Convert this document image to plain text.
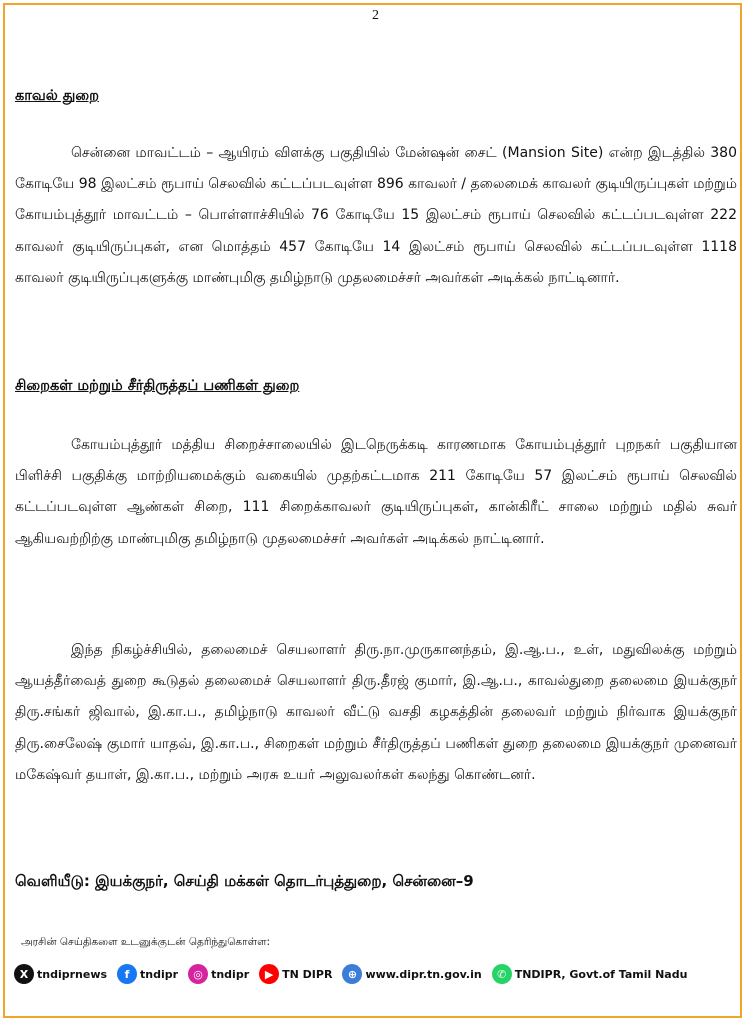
2
காவல் துறை

சென்னை மாவட்டம் – ஆயிரம் விளக்கு பகுதியில் மேன்ஷன் சைட் (Mansion Site) என்ற இடத்தில் 380 கோடியே 98 இலட்சம் ரூபாய் செலவில் கட்டப்படவுள்ள 896 காவலர் / தலைமைக் காவலர் குடியிருப்புகள் மற்றும் கோயம்புத்தூர் மாவட்டம் – பொள்ளாச்சியில் 76 கோடியே 15 இலட்சம் ரூபாய் செலவில் கட்டப்படவுள்ள 222 காவலர் குடியிருப்புகள், என மொத்தம் 457 கோடியே 14 இலட்சம் ரூபாய் செலவில் கட்டப்படவுள்ள 1118 காவலர் குடியிருப்புகளுக்கு மாண்புமிகு தமிழ்நாடு முதலமைச்சர் அவர்கள் அடிக்கல் நாட்டினார்.

சிறைகள் மற்றும் சீர்திருத்தப் பணிகள் துறை

கோயம்புத்தூர் மத்திய சிறைச்சாலையில் இடநெருக்கடி காரணமாக கோயம்புத்தூர் புறநகர் பகுதியான பிளிச்சி பகுதிக்கு மாற்றியமைக்கும் வகையில் முதற்கட்டமாக 211 கோடியே 57 இலட்சம் ரூபாய் செலவில் கட்டப்படவுள்ள ஆண்கள் சிறை, 111 சிறைக்காவலர் குடியிருப்புகள், கான்கிரீட் சாலை மற்றும் மதில் சுவர் ஆகியவற்றிற்கு மாண்புமிகு தமிழ்நாடு முதலமைச்சர் அவர்கள் அடிக்கல் நாட்டினார்.

இந்த நிகழ்ச்சியில், தலைமைச் செயலாளர் திரு.நா.முருகானந்தம், இ.ஆ.ப., உள், மதுவிலக்கு மற்றும் ஆயத்தீர்வைத் துறை கூடுதல் தலைமைச் செயலாளர் திரு.தீரஜ் குமார், இ.ஆ.ப., காவல்துறை தலைமை இயக்குநர் திரு.சங்கர் ஜிவால், இ.கா.ப., தமிழ்நாடு காவலர் வீட்டு வசதி கழகத்தின் தலைவர் மற்றும் நிர்வாக இயக்குநர் திரு.சைலேஷ் குமார் யாதவ், இ.கா.ப., சிறைகள் மற்றும் சீர்திருத்தப் பணிகள் துறை தலைமை இயக்குநர் முனைவர் மகேஷ்வர் தயாள், இ.கா.ப., மற்றும் அரசு உயர் அலுவலர்கள் கலந்து கொண்டனர்.

வெளியீடு: இயக்குநர், செய்தி மக்கள் தொடர்புத்துறை, சென்னை–9
அரசின் செய்திகளை உடனுக்குடன் தெரிந்துகொள்ள:
X tndiprnews	f tndipr	◎ tndipr	▶ TN DIPR	⊕ www.dipr.tn.gov.in	✆ TNDIPR, Govt.of Tamil Nadu
